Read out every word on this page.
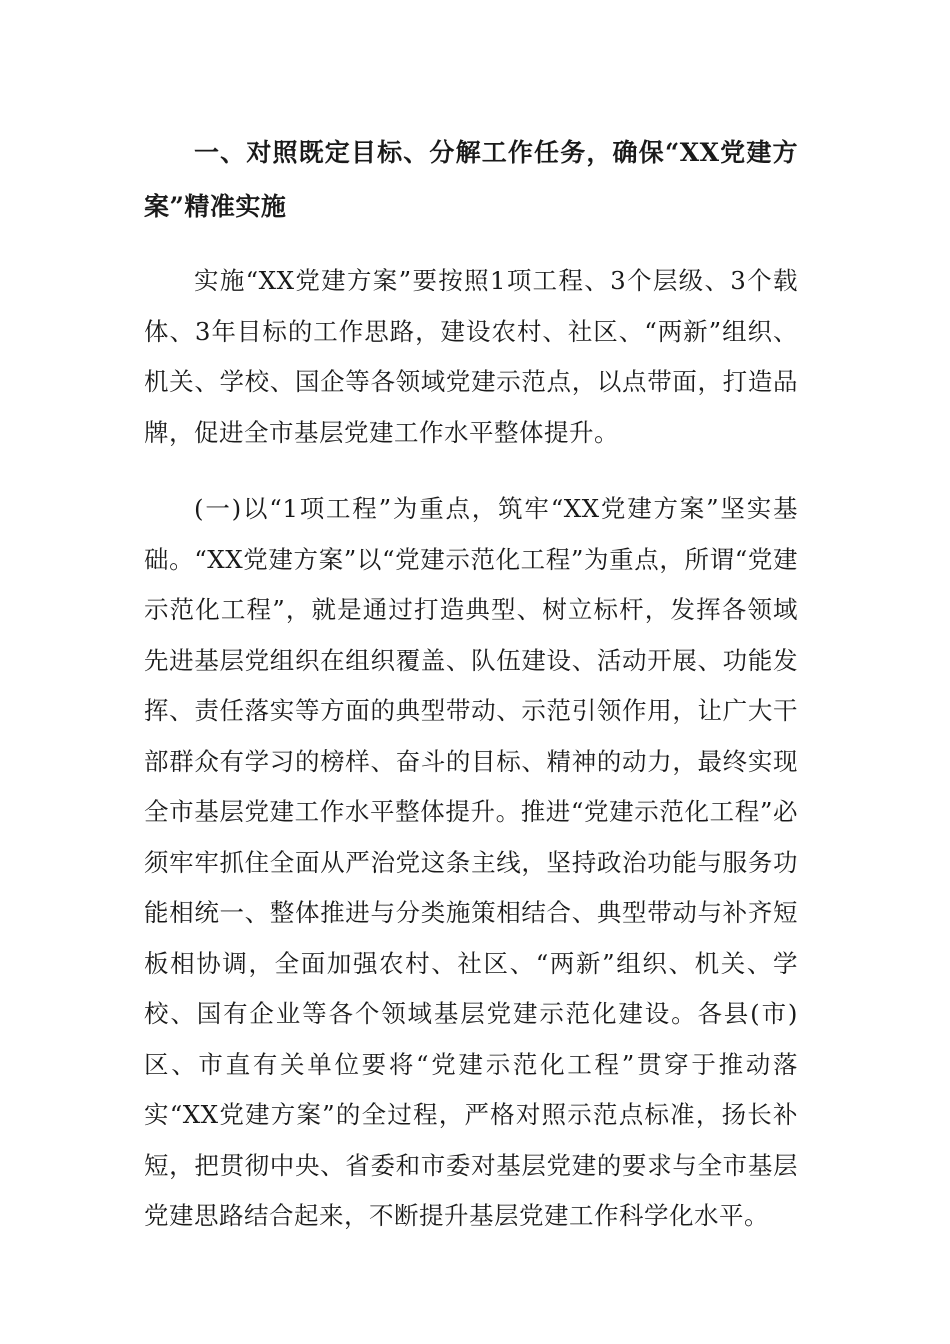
一、对照既定目标、分解工作任务，确保“XX党建方案”精准实施

实施“XX党建方案”要按照1项工程、3个层级、3个载体、3年目标的工作思路，建设农村、社区、“两新”组织、机关、学校、国企等各领域党建示范点，以点带面，打造品牌，促进全市基层党建工作水平整体提升。

(一)以“1项工程”为重点，筑牢“XX党建方案”坚实基础。“XX党建方案”以“党建示范化工程”为重点，所谓“党建示范化工程”，就是通过打造典型、树立标杆，发挥各领域先进基层党组织在组织覆盖、队伍建设、活动开展、功能发挥、责任落实等方面的典型带动、示范引领作用，让广大干部群众有学习的榜样、奋斗的目标、精神的动力，最终实现全市基层党建工作水平整体提升。推进“党建示范化工程”必须牢牢抓住全面从严治党这条主线，坚持政治功能与服务功能相统一、整体推进与分类施策相结合、典型带动与补齐短板相协调，全面加强农村、社区、“两新”组织、机关、学校、国有企业等各个领域基层党建示范化建设。各县(市)区、市直有关单位要将“党建示范化工程”贯穿于推动落实“XX党建方案”的全过程，严格对照示范点标准，扬长补短，把贯彻中央、省委和市委对基层党建的要求与全市基层党建思路结合起来，不断提升基层党建工作科学化水平。
